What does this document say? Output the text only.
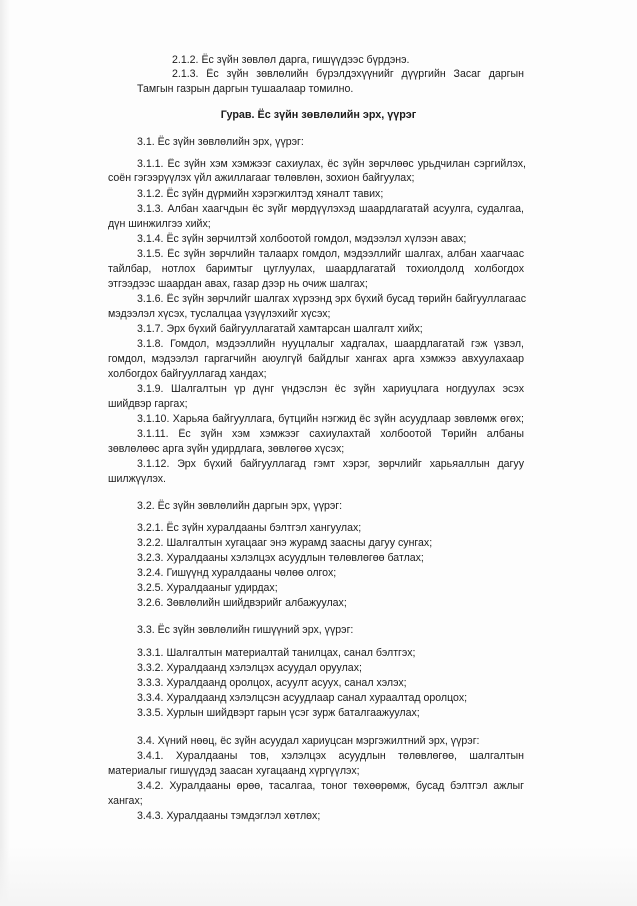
2.1.2. Ёс зүйн зөвлөл дарга, гишүүдээс бүрдэнэ.
2.1.3. Ёс зүйн зөвлөлийн бүрэлдэхүүнийг дүүргийн Засаг даргын
Тамгын газрын даргын тушаалаар томилно.
Гурав. Ёс зүйн зөвлөлийн эрх, үүрэг
3.1. Ёс зүйн зөвлөлийн эрх, үүрэг:
3.1.1. Ёс зүйн хэм хэмжээг сахиулах, ёс зүйн зөрчлөөс урьдчилан сэргийлэх,
соён гэгээрүүлэх үйл ажиллагааг төлөвлөн, зохион байгуулах;
3.1.2. Ёс зүйн дүрмийн хэрэгжилтэд хяналт тавих;
3.1.3. Албан хаагчдын ёс зүйг мөрдүүлэхэд шаардлагатай асуулга, судалгаа,
дүн шинжилгээ хийх;
3.1.4. Ёс зүйн зөрчилтэй холбоотой гомдол, мэдээлэл хүлээн авах;
3.1.5. Ёс зүйн зөрчлийн талаарх гомдол, мэдээллийг шалгах, албан хаагчаас
тайлбар, нотлох баримтыг цуглуулах, шаардлагатай тохиолдолд холбогдох
этгээдээс шаардан авах, газар дээр нь очиж шалгах;
3.1.6. Ёс зүйн зөрчлийг шалгах хүрээнд эрх бүхий бусад төрийн байгууллагаас
мэдээлэл хүсэх, туслалцаа үзүүлэхийг хүсэх;
3.1.7. Эрх бүхий байгууллагатай хамтарсан шалгалт хийх;
3.1.8. Гомдол, мэдээллийн нууцлалыг хадгалах, шаардлагатай гэж үзвэл,
гомдол, мэдээлэл гаргагчийн аюулгүй байдлыг хангах арга хэмжээ авхуулахаар
холбогдох байгууллагад хандах;
3.1.9. Шалгалтын үр дүнг үндэслэн ёс зүйн хариуцлага ногдуулах эсэх
шийдвэр гаргах;
3.1.10. Харьяа байгууллага, бүтцийн нэгжид ёс зүйн асуудлаар зөвлөмж өгөх;
3.1.11. Ёс зүйн хэм хэмжээг сахиулахтай холбоотой Төрийн албаны
зөвлөлөөс арга зүйн удирдлага, зөвлөгөө хүсэх;
3.1.12. Эрх бүхий байгууллагад гэмт хэрэг, зөрчлийг харьяаллын дагуу
шилжүүлэх.
3.2. Ёс зүйн зөвлөлийн даргын эрх, үүрэг:
3.2.1. Ёс зүйн хуралдааны бэлтгэл хангуулах;
3.2.2. Шалгалтын хугацааг энэ журамд заасны дагуу сунгах;
3.2.3. Хуралдааны хэлэлцэх асуудлын төлөвлөгөө батлах;
3.2.4. Гишүүнд хуралдааны чөлөө олгох;
3.2.5. Хуралдааныг удирдах;
3.2.6. Зөвлөлийн шийдвэрийг албажуулах;
3.3. Ёс зүйн зөвлөлийн гишүүний эрх, үүрэг:
3.3.1. Шалгалтын материалтай танилцах, санал бэлтгэх;
3.3.2. Хуралдаанд хэлэлцэх асуудал оруулах;
3.3.3. Хуралдаанд оролцох, асуулт асуух, санал хэлэх;
3.3.4. Хуралдаанд хэлэлцсэн асуудлаар санал хураалтад оролцох;
3.3.5. Хурлын шийдвэрт гарын үсэг зурж баталгаажуулах;
3.4. Хүний нөөц, ёс зүйн асуудал хариуцсан мэргэжилтний эрх, үүрэг:
3.4.1. Хуралдааны тов, хэлэлцэх асуудлын төлөвлөгөө, шалгалтын
материалыг гишүүдэд заасан хугацаанд хүргүүлэх;
3.4.2. Хуралдааны өрөө, тасалгаа, тоног төхөөрөмж, бусад бэлтгэл ажлыг
хангах;
3.4.3. Хуралдааны тэмдэглэл хөтлөх;
